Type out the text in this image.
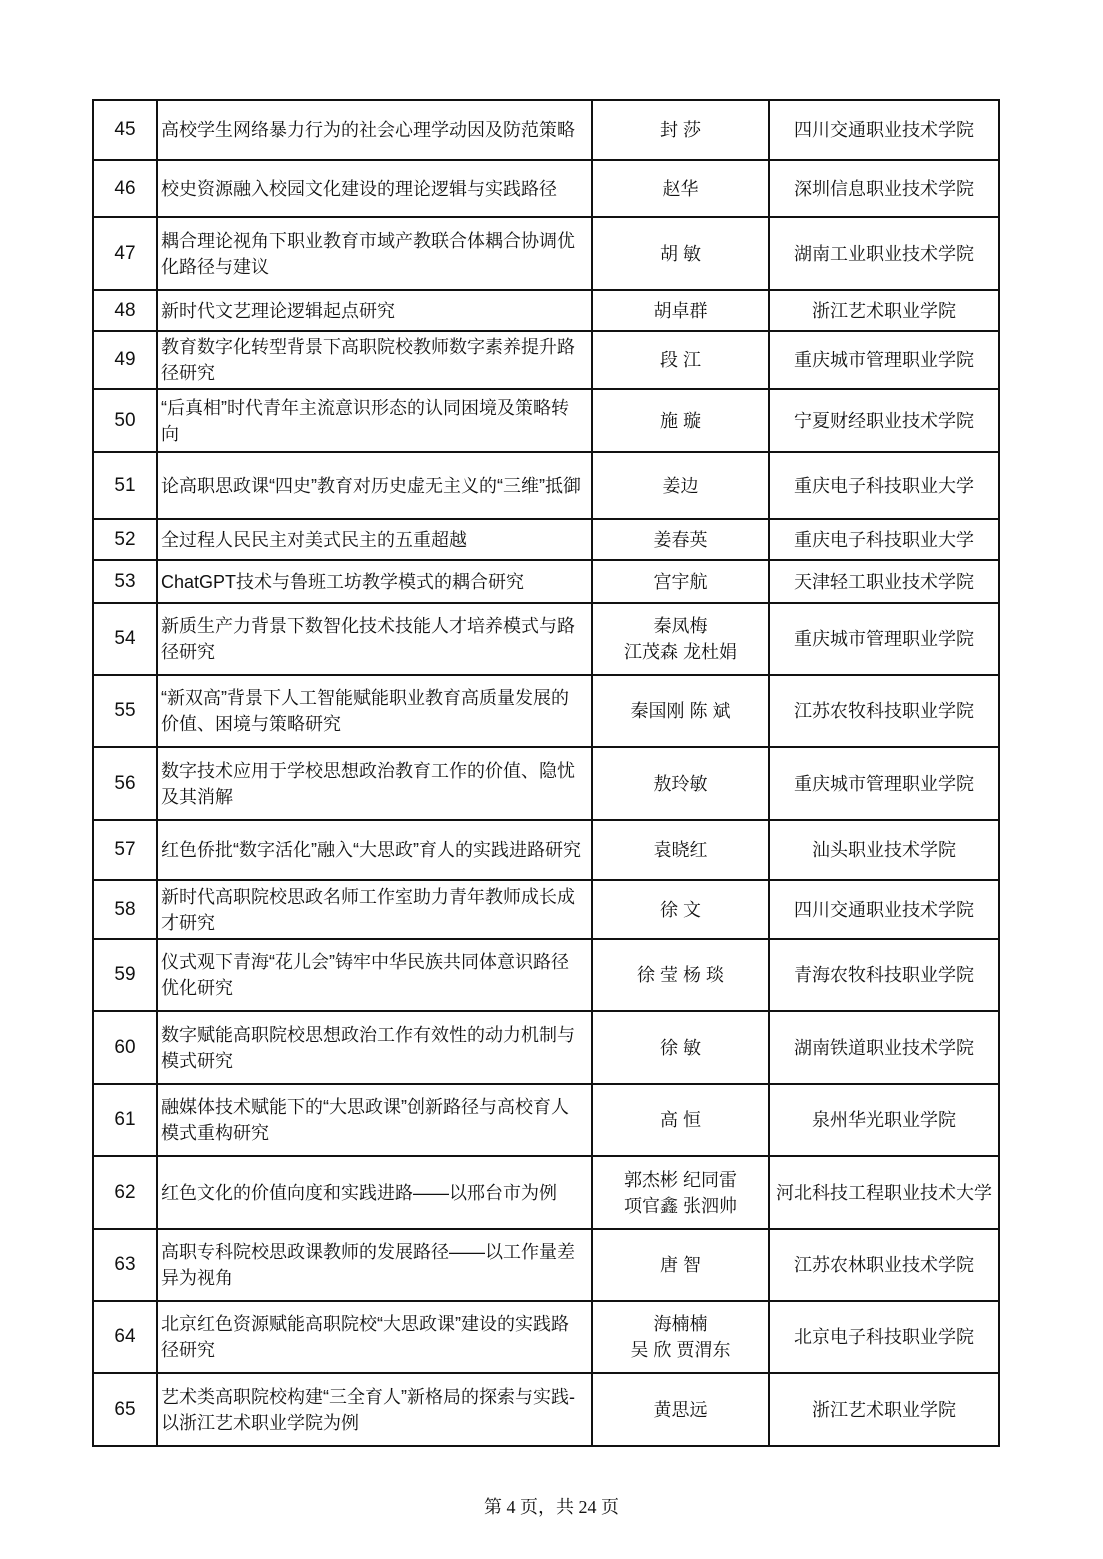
45	高校学生网络暴力行为的社会心理学动因及防范策略	封 莎	四川交通职业技术学院
46	校史资源融入校园文化建设的理论逻辑与实践路径	赵华	深圳信息职业技术学院
47	耦合理论视角下职业教育市域产教联合体耦合协调优化路径与建议	胡 敏	湖南工业职业技术学院
48	新时代文艺理论逻辑起点研究	胡卓群	浙江艺术职业学院
49	教育数字化转型背景下高职院校教师数字素养提升路径研究	段 江	重庆城市管理职业学院
50	“后真相”时代青年主流意识形态的认同困境及策略转向	施 璇	宁夏财经职业技术学院
51	论高职思政课“四史”教育对历史虚无主义的“三维”抵御	姜边	重庆电子科技职业大学
52	全过程人民民主对美式民主的五重超越	姜春英	重庆电子科技职业大学
53	ChatGPT技术与鲁班工坊教学模式的耦合研究	宫宇航	天津轻工职业技术学院
54	新质生产力背景下数智化技术技能人才培养模式与路径研究	秦凤梅
江茂森 龙杜娟	重庆城市管理职业学院
55	“新双高”背景下人工智能赋能职业教育高质量发展的价值、困境与策略研究	秦国刚 陈 斌	江苏农牧科技职业学院
56	数字技术应用于学校思想政治教育工作的价值、隐忧及其消解	敖玲敏	重庆城市管理职业学院
57	红色侨批“数字活化”融入“大思政”育人的实践进路研究	袁晓红	汕头职业技术学院
58	新时代高职院校思政名师工作室助力青年教师成长成才研究	徐 文	四川交通职业技术学院
59	仪式观下青海“花儿会”铸牢中华民族共同体意识路径优化研究	徐 莹 杨 琰	青海农牧科技职业学院
60	数字赋能高职院校思想政治工作有效性的动力机制与模式研究	徐 敏	湖南铁道职业技术学院
61	融媒体技术赋能下的“大思政课”创新路径与高校育人模式重构研究	高 恒	泉州华光职业学院
62	红色文化的价值向度和实践进路——以邢台市为例	郭杰彬 纪同雷
项官鑫 张泗帅	河北科技工程职业技术大学
63	高职专科院校思政课教师的发展路径——以工作量差异为视角	唐 智	江苏农林职业技术学院
64	北京红色资源赋能高职院校“大思政课”建设的实践路径研究	海楠楠
吴 欣 贾渭东	北京电子科技职业学院
65	艺术类高职院校构建“三全育人”新格局的探索与实践-以浙江艺术职业学院为例	黄思远	浙江艺术职业学院
第 4 页，共 24 页
